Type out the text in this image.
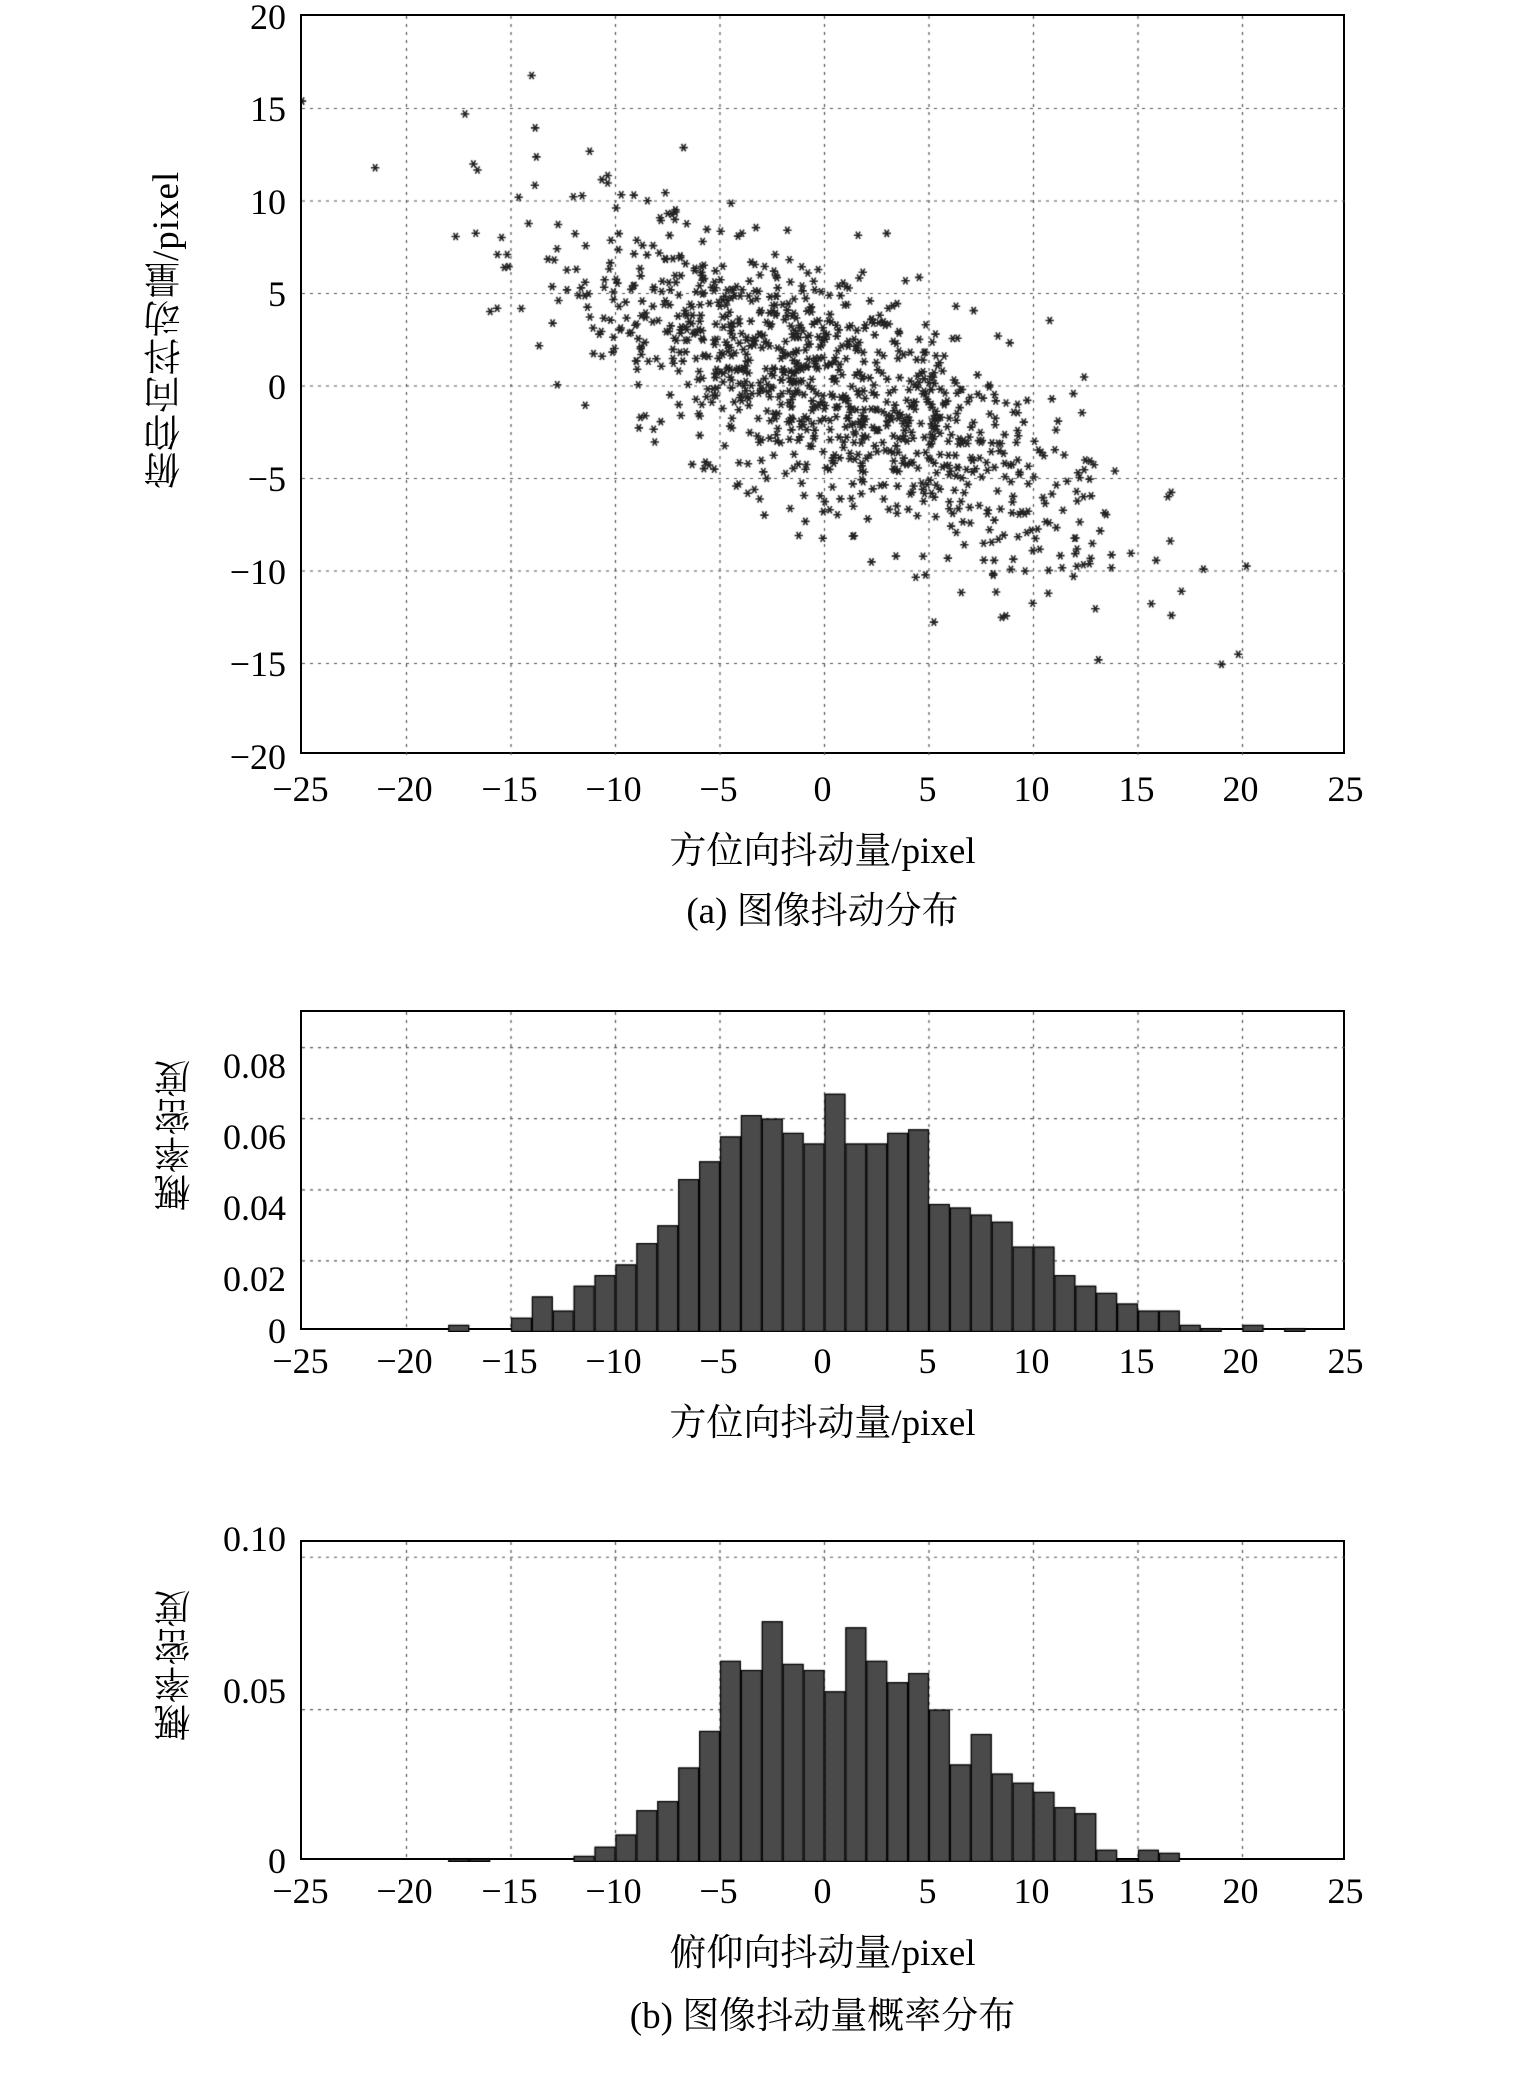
俯仰向抖动量/pixel
20
15
10
5
0
−5
−10
−15
−20
−25	−20	−15	−10	−5	0	5	10	15	20	25
方位向抖动量/pixel
(a) 图像抖动分布
概率密度 0.08
0.06
0.04
0.02
0
−25	−20	−15	−10	−5	0	5	10	15	20	25
方位向抖动量/pixel
概率密度
0.10
0.05
0
−25	−20	−15	−10	−5	0	5	10	15	20	25
俯仰向抖动量/pixel
(b) 图像抖动量概率分布
